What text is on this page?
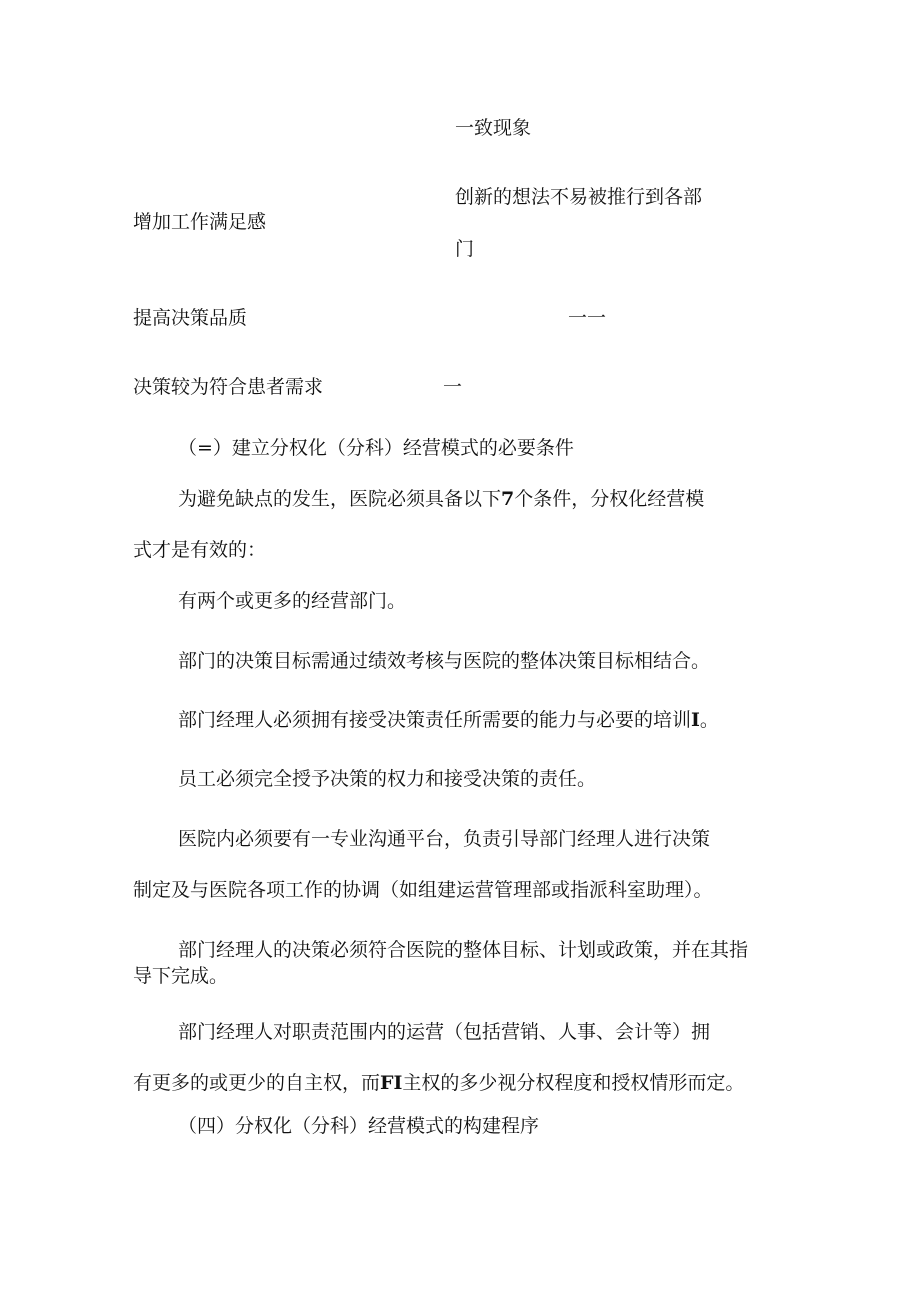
一致现象

创新的想法不易被推行到各部

增加工作满足感

门

提高决策品质	一一

决策较为符合患者需求	一

（=）建立分权化（分科）经营模式的必要条件

为避免缺点的发生，医院必须具备以下7个条件，分权化经营模

式才是有效的：

有两个或更多的经营部门。

部门的决策目标需通过绩效考核与医院的整体决策目标相结合。

部门经理人必须拥有接受决策责任所需要的能力与必要的培训I。

员工必须完全授予决策的权力和接受决策的责任。

医院内必须要有一专业沟通平台，负责引导部门经理人进行决策

制定及与医院各项工作的协调（如组建运营管理部或指派科室助理）。

部门经理人的决策必须符合医院的整体目标、计划或政策，并在其指

导下完成。

部门经理人对职责范围内的运营（包括营销、人事、会计等）拥

有更多的或更少的自主权，而FI主权的多少视分权程度和授权情形而定。

（四）分权化（分科）经营模式的构建程序
